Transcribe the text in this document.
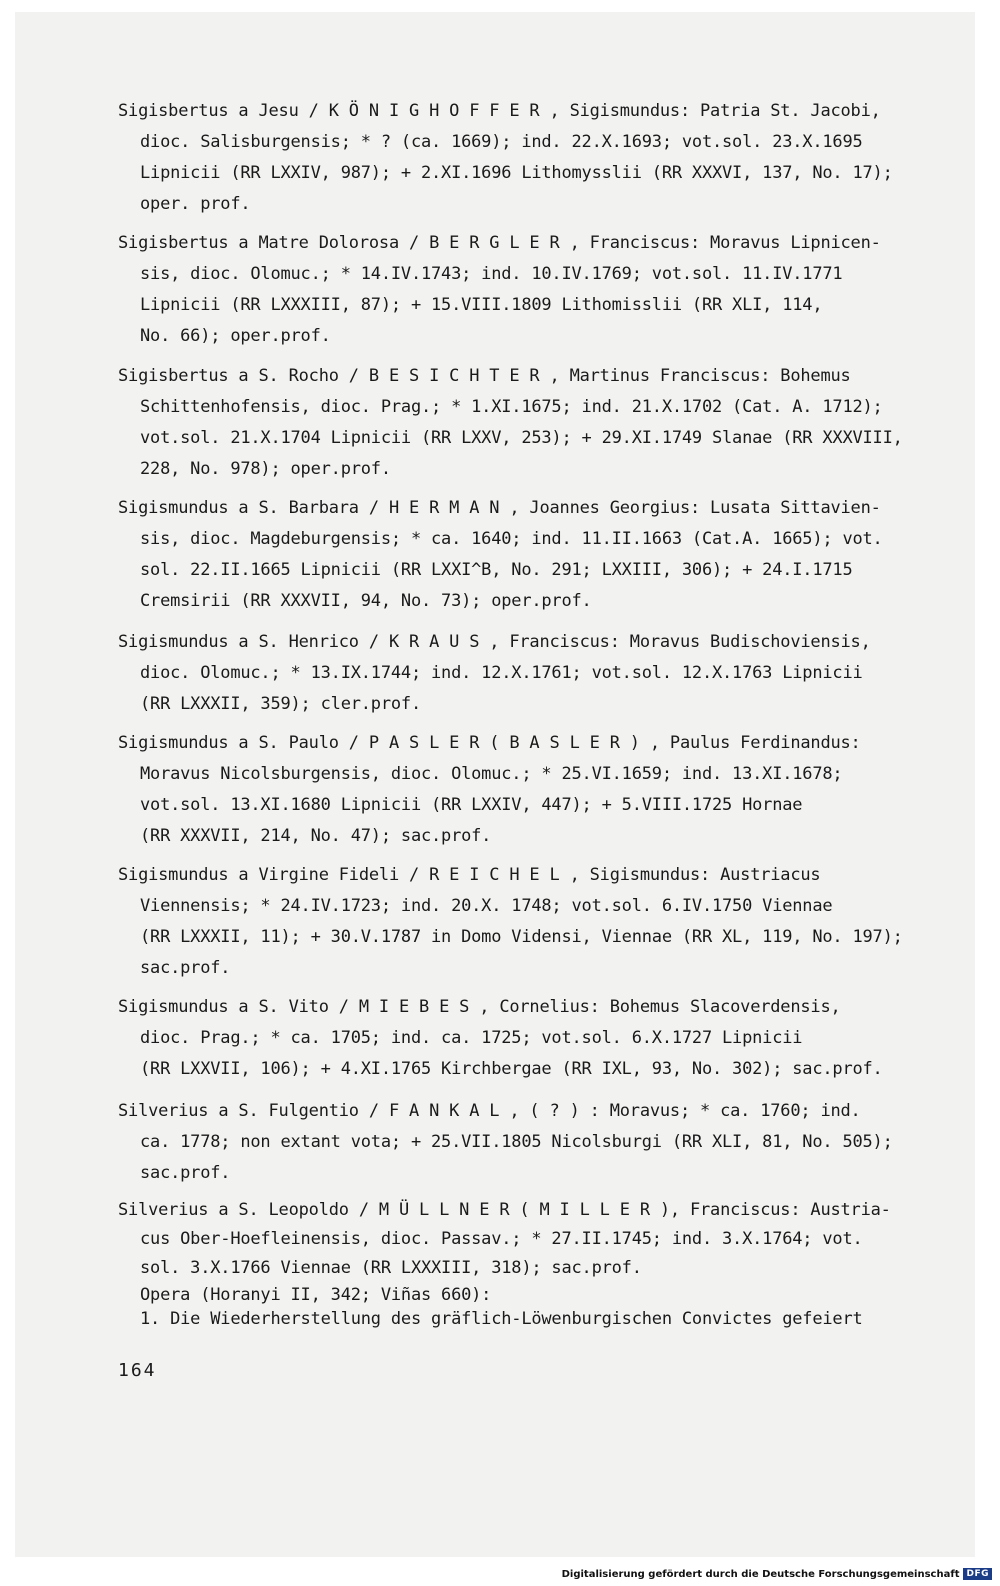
Sigisbertus a Jesu / K Ö N I G H O F F E R , Sigismundus: Patria St. Jacobi,
dioc. Salisburgensis; * ? (ca. 1669); ind. 22.X.1693; vot.sol. 23.X.1695
Lipnicii (RR LXXIV, 987); + 2.XI.1696 Lithomysslii (RR XXXVI, 137, No. 17);
oper. prof.
Sigisbertus a Matre Dolorosa / B E R G L E R , Franciscus: Moravus Lipnicen-
sis, dioc. Olomuc.; * 14.IV.1743; ind. 10.IV.1769; vot.sol. 11.IV.1771
Lipnicii (RR LXXXIII, 87); + 15.VIII.1809 Lithomisslii (RR XLI, 114,
No. 66); oper.prof.
Sigisbertus a S. Rocho / B E S I C H T E R , Martinus Franciscus: Bohemus
Schittenhofensis, dioc. Prag.; * 1.XI.1675; ind. 21.X.1702 (Cat. A. 1712);
vot.sol. 21.X.1704 Lipnicii (RR LXXV, 253); + 29.XI.1749 Slanae (RR XXXVIII,
228, No. 978); oper.prof.
Sigismundus a S. Barbara / H E R M A N , Joannes Georgius: Lusata Sittavien-
sis, dioc. Magdeburgensis; * ca. 1640; ind. 11.II.1663 (Cat.A. 1665); vot.
sol. 22.II.1665 Lipnicii (RR LXXI^B, No. 291; LXXIII, 306); + 24.I.1715
Cremsirii (RR XXXVII, 94, No. 73); oper.prof.
Sigismundus a S. Henrico / K R A U S , Franciscus: Moravus Budischoviensis,
dioc. Olomuc.; * 13.IX.1744; ind. 12.X.1761; vot.sol. 12.X.1763 Lipnicii
(RR LXXXII, 359); cler.prof.
Sigismundus a S. Paulo / P A S L E R ( B A S L E R ) , Paulus Ferdinandus:
Moravus Nicolsburgensis, dioc. Olomuc.; * 25.VI.1659; ind. 13.XI.1678;
vot.sol. 13.XI.1680 Lipnicii (RR LXXIV, 447); + 5.VIII.1725 Hornae
(RR XXXVII, 214, No. 47); sac.prof.
Sigismundus a Virgine Fideli / R E I C H E L , Sigismundus: Austriacus
Viennensis; * 24.IV.1723; ind. 20.X. 1748; vot.sol. 6.IV.1750 Viennae
(RR LXXXII, 11); + 30.V.1787 in Domo Vidensi, Viennae (RR XL, 119, No. 197);
sac.prof.
Sigismundus a S. Vito / M I E B E S , Cornelius: Bohemus Slacoverdensis,
dioc. Prag.; * ca. 1705; ind. ca. 1725; vot.sol. 6.X.1727 Lipnicii
(RR LXXVII, 106); + 4.XI.1765 Kirchbergae (RR IXL, 93, No. 302); sac.prof.
Silverius a S. Fulgentio / F A N K A L , ( ? ) : Moravus; * ca. 1760; ind.
ca. 1778; non extant vota; + 25.VII.1805 Nicolsburgi (RR XLI, 81, No. 505);
sac.prof.
Silverius a S. Leopoldo / M Ü L L N E R ( M I L L E R ), Franciscus: Austria-
cus Ober-Hoefleinensis, dioc. Passav.; * 27.II.1745; ind. 3.X.1764; vot.
sol. 3.X.1766 Viennae (RR LXXXIII, 318); sac.prof.
Opera (Horanyi II, 342; Viñas 660):
1. Die Wiederherstellung des gräflich-Löwenburgischen Convictes gefeiert
164
Digitalisierung gefördert durch die Deutsche Forschungsgemeinschaft DFG
